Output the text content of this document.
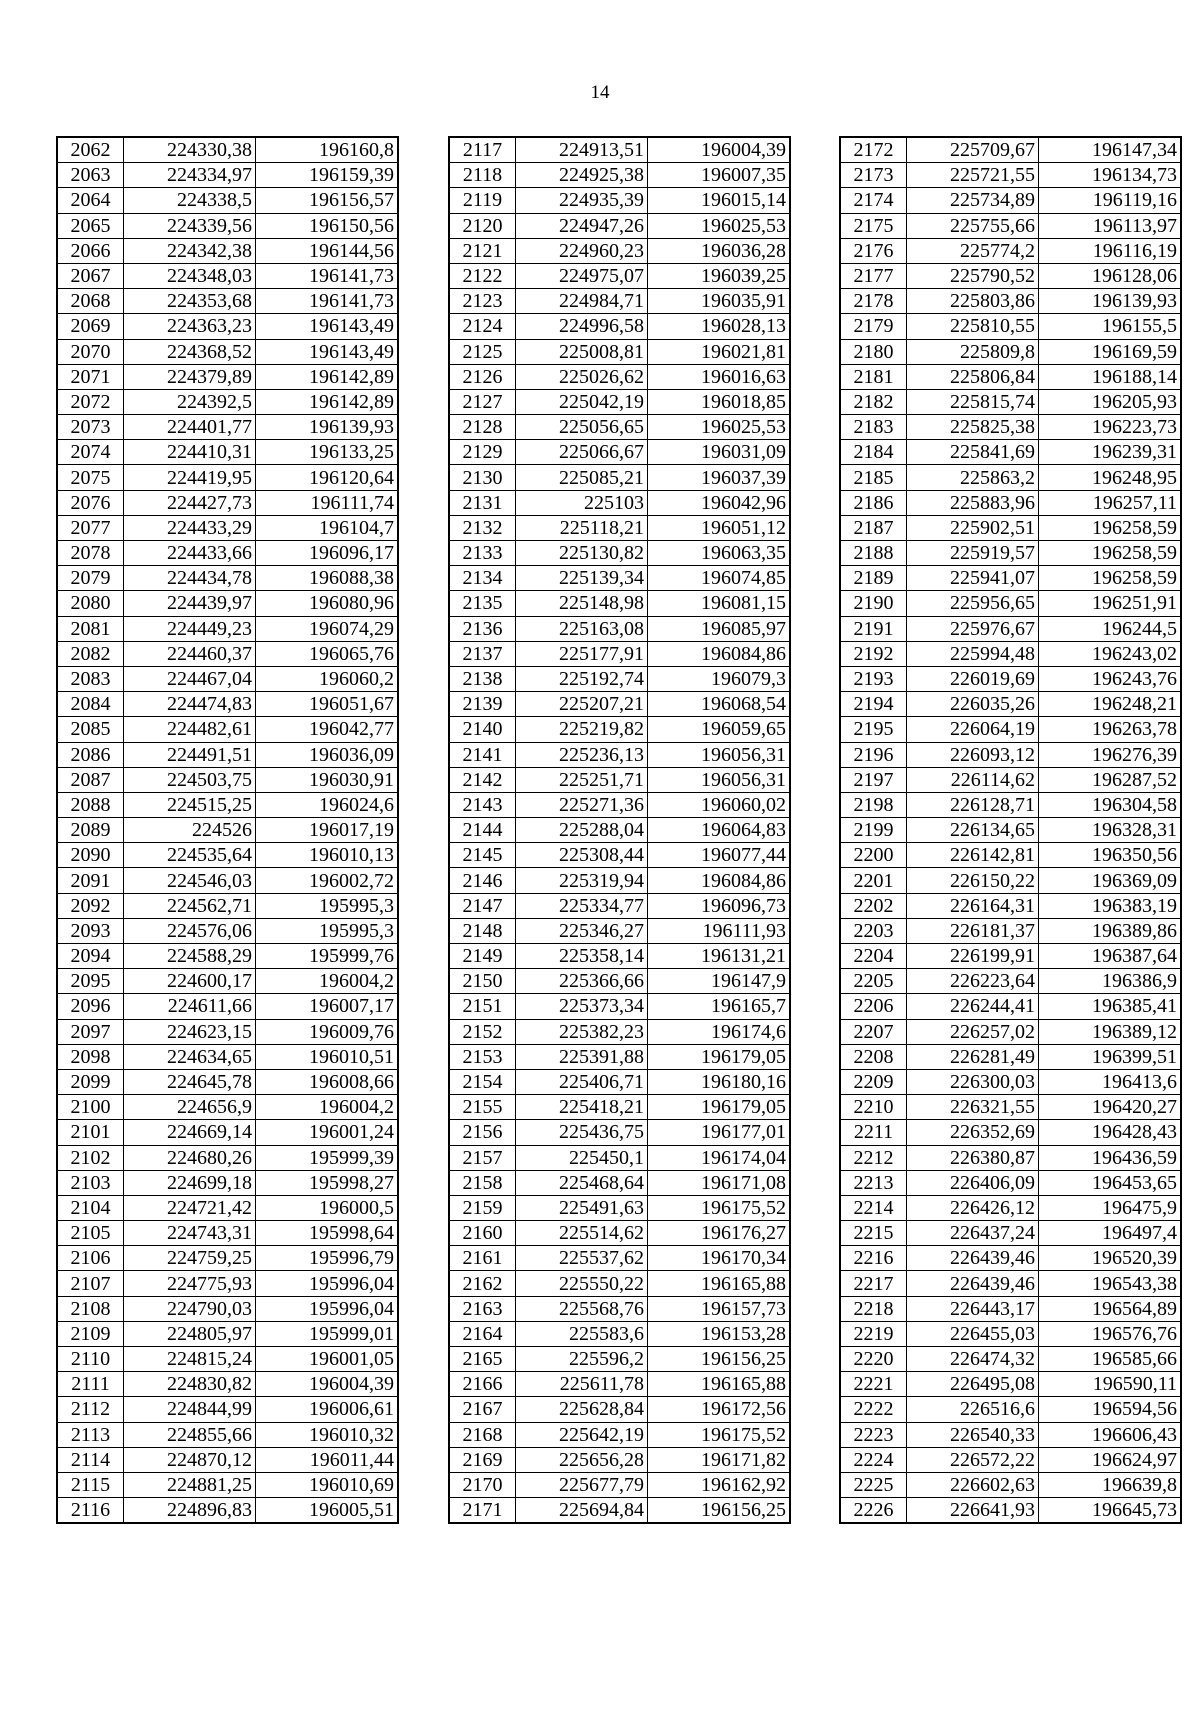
14
2062	224330,38	196160,8
2063	224334,97	196159,39
2064	224338,5	196156,57
2065	224339,56	196150,56
2066	224342,38	196144,56
2067	224348,03	196141,73
2068	224353,68	196141,73
2069	224363,23	196143,49
2070	224368,52	196143,49
2071	224379,89	196142,89
2072	224392,5	196142,89
2073	224401,77	196139,93
2074	224410,31	196133,25
2075	224419,95	196120,64
2076	224427,73	196111,74
2077	224433,29	196104,7
2078	224433,66	196096,17
2079	224434,78	196088,38
2080	224439,97	196080,96
2081	224449,23	196074,29
2082	224460,37	196065,76
2083	224467,04	196060,2
2084	224474,83	196051,67
2085	224482,61	196042,77
2086	224491,51	196036,09
2087	224503,75	196030,91
2088	224515,25	196024,6
2089	224526	196017,19
2090	224535,64	196010,13
2091	224546,03	196002,72
2092	224562,71	195995,3
2093	224576,06	195995,3
2094	224588,29	195999,76
2095	224600,17	196004,2
2096	224611,66	196007,17
2097	224623,15	196009,76
2098	224634,65	196010,51
2099	224645,78	196008,66
2100	224656,9	196004,2
2101	224669,14	196001,24
2102	224680,26	195999,39
2103	224699,18	195998,27
2104	224721,42	196000,5
2105	224743,31	195998,64
2106	224759,25	195996,79
2107	224775,93	195996,04
2108	224790,03	195996,04
2109	224805,97	195999,01
2110	224815,24	196001,05
2111	224830,82	196004,39
2112	224844,99	196006,61
2113	224855,66	196010,32
2114	224870,12	196011,44
2115	224881,25	196010,69
2116	224896,83	196005,51
2117	224913,51	196004,39
2118	224925,38	196007,35
2119	224935,39	196015,14
2120	224947,26	196025,53
2121	224960,23	196036,28
2122	224975,07	196039,25
2123	224984,71	196035,91
2124	224996,58	196028,13
2125	225008,81	196021,81
2126	225026,62	196016,63
2127	225042,19	196018,85
2128	225056,65	196025,53
2129	225066,67	196031,09
2130	225085,21	196037,39
2131	225103	196042,96
2132	225118,21	196051,12
2133	225130,82	196063,35
2134	225139,34	196074,85
2135	225148,98	196081,15
2136	225163,08	196085,97
2137	225177,91	196084,86
2138	225192,74	196079,3
2139	225207,21	196068,54
2140	225219,82	196059,65
2141	225236,13	196056,31
2142	225251,71	196056,31
2143	225271,36	196060,02
2144	225288,04	196064,83
2145	225308,44	196077,44
2146	225319,94	196084,86
2147	225334,77	196096,73
2148	225346,27	196111,93
2149	225358,14	196131,21
2150	225366,66	196147,9
2151	225373,34	196165,7
2152	225382,23	196174,6
2153	225391,88	196179,05
2154	225406,71	196180,16
2155	225418,21	196179,05
2156	225436,75	196177,01
2157	225450,1	196174,04
2158	225468,64	196171,08
2159	225491,63	196175,52
2160	225514,62	196176,27
2161	225537,62	196170,34
2162	225550,22	196165,88
2163	225568,76	196157,73
2164	225583,6	196153,28
2165	225596,2	196156,25
2166	225611,78	196165,88
2167	225628,84	196172,56
2168	225642,19	196175,52
2169	225656,28	196171,82
2170	225677,79	196162,92
2171	225694,84	196156,25
2172	225709,67	196147,34
2173	225721,55	196134,73
2174	225734,89	196119,16
2175	225755,66	196113,97
2176	225774,2	196116,19
2177	225790,52	196128,06
2178	225803,86	196139,93
2179	225810,55	196155,5
2180	225809,8	196169,59
2181	225806,84	196188,14
2182	225815,74	196205,93
2183	225825,38	196223,73
2184	225841,69	196239,31
2185	225863,2	196248,95
2186	225883,96	196257,11
2187	225902,51	196258,59
2188	225919,57	196258,59
2189	225941,07	196258,59
2190	225956,65	196251,91
2191	225976,67	196244,5
2192	225994,48	196243,02
2193	226019,69	196243,76
2194	226035,26	196248,21
2195	226064,19	196263,78
2196	226093,12	196276,39
2197	226114,62	196287,52
2198	226128,71	196304,58
2199	226134,65	196328,31
2200	226142,81	196350,56
2201	226150,22	196369,09
2202	226164,31	196383,19
2203	226181,37	196389,86
2204	226199,91	196387,64
2205	226223,64	196386,9
2206	226244,41	196385,41
2207	226257,02	196389,12
2208	226281,49	196399,51
2209	226300,03	196413,6
2210	226321,55	196420,27
2211	226352,69	196428,43
2212	226380,87	196436,59
2213	226406,09	196453,65
2214	226426,12	196475,9
2215	226437,24	196497,4
2216	226439,46	196520,39
2217	226439,46	196543,38
2218	226443,17	196564,89
2219	226455,03	196576,76
2220	226474,32	196585,66
2221	226495,08	196590,11
2222	226516,6	196594,56
2223	226540,33	196606,43
2224	226572,22	196624,97
2225	226602,63	196639,8
2226	226641,93	196645,73
